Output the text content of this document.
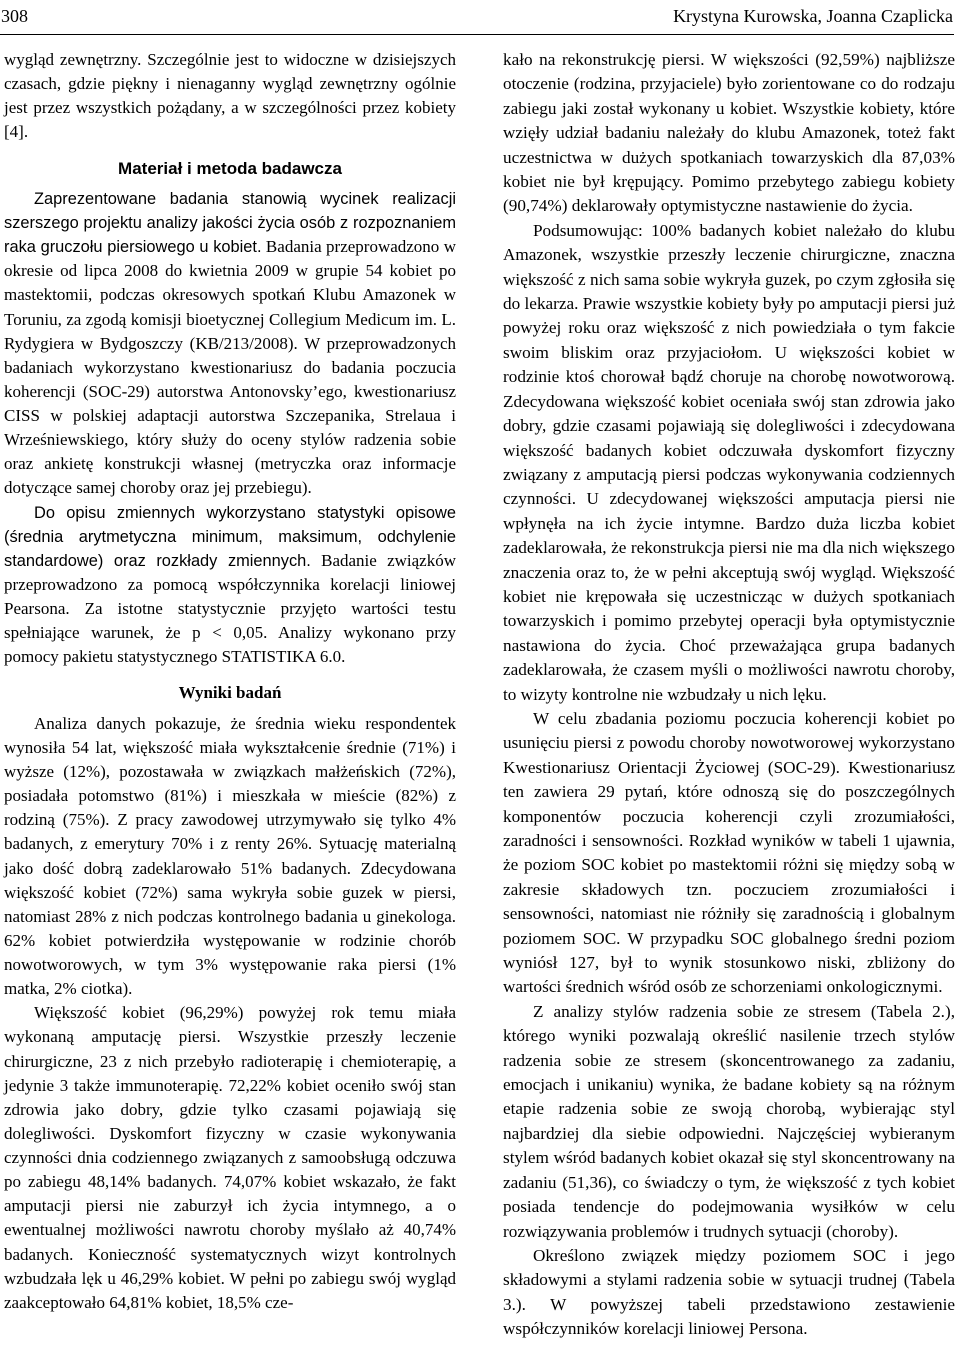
308	Krystyna Kurowska, Joanna Czaplicka

wygląd zewnętrzny. Szczególnie jest to widoczne w dzisiejszych czasach, gdzie piękny i nienaganny wygląd zewnętrzny ogólnie jest przez wszystkich pożądany, a w szczególności przez kobiety [4].

Materiał i metoda badawcza

Zaprezentowane badania stanowią wycinek realizacji szerszego projektu analizy jakości życia osób z rozpoznaniem raka gruczołu piersiowego u kobiet. Badania przeprowadzono w okresie od lipca 2008 do kwietnia 2009 w grupie 54 kobiet po mastektomii, podczas okresowych spotkań Klubu Amazonek w Toruniu, za zgodą komisji bioetycznej Collegium Medicum im. L. Rydygiera w Bydgoszczy (KB/213/2008). W przeprowadzonych badaniach wykorzystano kwestionariusz do badania poczucia koherencji (SOC-29) autorstwa Antonovsky’ego, kwestionariusz CISS w polskiej adaptacji autorstwa Szczepanika, Strelaua i Wrześniewskiego, który służy do oceny stylów radzenia sobie oraz ankietę konstrukcji własnej (metryczka oraz informacje dotyczące samej choroby oraz jej przebiegu).

Do opisu zmiennych wykorzystano statystyki opisowe (średnia arytmetyczna minimum, maksimum, odchylenie standardowe) oraz rozkłady zmiennych. Badanie związków przeprowadzono za pomocą współczynnika korelacji liniowej Pearsona. Za istotne statystycznie przyjęto wartości testu spełniające warunek, że p < 0,05. Analizy wykonano przy pomocy pakietu statystycznego STATISTIKA 6.0.

Wyniki badań

Analiza danych pokazuje, że średnia wieku respondentek wynosiła 54 lat, większość miała wykształcenie średnie (71%) i wyższe (12%), pozostawała w związkach małżeńskich (72%), posiadała potomstwo (81%) i mieszkała w mieście (82%) z rodziną (75%). Z pracy zawodowej utrzymywało się tylko 4% badanych, z emerytury 70% i z renty 26%. Sytuację materialną jako dość dobrą zadeklarowało 51% badanych. Zdecydowana większość kobiet (72%) sama wykryła sobie guzek w piersi, natomiast 28% z nich podczas kontrolnego badania u ginekologa. 62% kobiet potwierdziła występowanie w rodzinie chorób nowotworowych, w tym 3% występowanie raka piersi (1% matka, 2% ciotka).

Większość kobiet (96,29%) powyżej rok temu miała wykonaną amputację piersi. Wszystkie przeszły leczenie chirurgiczne, 23 z nich przebyło radioterapię i chemioterapię, a jedynie 3 także immunoterapię. 72,22% kobiet oceniło swój stan zdrowia jako dobry, gdzie tylko czasami pojawiają się dolegliwości. Dyskomfort fizyczny w czasie wykonywania czynności dnia codziennego związanych z samoobsługą odczuwa po zabiegu 48,14% badanych. 74,07% kobiet wskazało, że fakt amputacji piersi nie zaburzył ich życia intymnego, a o ewentualnej możliwości nawrotu choroby myślało aż 40,74% badanych. Konieczność systematycznych wizyt kontrolnych wzbudzała lęk u 46,29% kobiet. W pełni po zabiegu swój wygląd zaakceptowało 64,81% kobiet, 18,5% cze-

kało na rekonstrukcję piersi. W większości (92,59%) najbliższe otoczenie (rodzina, przyjaciele) było zorientowane co do rodzaju zabiegu jaki został wykonany u kobiet. Wszystkie kobiety, które wzięły udział badaniu należały do klubu Amazonek, toteż fakt uczestnictwa w dużych spotkaniach towarzyskich dla 87,03% kobiet nie był krępujący. Pomimo przebytego zabiegu kobiety (90,74%) deklarowały optymistyczne nastawienie do życia.

Podsumowując: 100% badanych kobiet należało do klubu Amazonek, wszystkie przeszły leczenie chirurgiczne, znaczna większość z nich sama sobie wykryła guzek, po czym zgłosiła się do lekarza. Prawie wszystkie kobiety były po amputacji piersi już powyżej roku oraz większość z nich powiedziała o tym fakcie swoim bliskim oraz przyjaciołom. U większości kobiet w rodzinie ktoś chorował bądź choruje na chorobę nowotworową. Zdecydowana większość kobiet oceniała swój stan zdrowia jako dobry, gdzie czasami pojawiają się dolegliwości i zdecydowana większość badanych kobiet odczuwała dyskomfort fizyczny związany z amputacją piersi podczas wykonywania codziennych czynności. U zdecydowanej większości amputacja piersi nie wpłynęła na ich życie intymne. Bardzo duża liczba kobiet zadeklarowała, że rekonstrukcja piersi nie ma dla nich większego znaczenia oraz to, że w pełni akceptują swój wygląd. Większość kobiet nie krępowała się uczestnicząc w dużych spotkaniach towarzyskich i pomimo przebytej operacji była optymistycznie nastawiona do życia. Choć przeważająca grupa badanych zadeklarowała, że czasem myśli o możliwości nawrotu choroby, to wizyty kontrolne nie wzbudzały u nich lęku.

W celu zbadania poziomu poczucia koherencji kobiet po usunięciu piersi z powodu choroby nowotworowej wykorzystano Kwestionariusz Orientacji Życiowej (SOC-29). Kwestionariusz ten zawiera 29 pytań, które odnoszą się do poszczególnych komponentów poczucia koherencji czyli zrozumiałości, zaradności i sensowności. Rozkład wyników w tabeli 1 ujawnia, że poziom SOC kobiet po mastektomii różni się między sobą w zakresie składowych tzn. poczuciem zrozumiałości i sensowności, natomiast nie różniły się zaradnością i globalnym poziomem SOC. W przypadku SOC globalnego średni poziom wyniósł 127, był to wynik stosunkowo niski, zbliżony do wartości średnich wśród osób ze schorzeniami onkologicznymi.

Z analizy stylów radzenia sobie ze stresem (Tabela 2.), którego wyniki pozwalają określić nasilenie trzech stylów radzenia sobie ze stresem (skoncentrowanego za zadaniu, emocjach i unikaniu) wynika, że badane kobiety są na różnym etapie radzenia sobie ze swoją chorobą, wybierając styl najbardziej dla siebie odpowiedni. Najczęściej wybieranym stylem wśród badanych kobiet okazał się styl skoncentrowany na zadaniu (51,36), co świadczy o tym, że większość z tych kobiet posiada tendencje do podejmowania wysiłków w celu rozwiązywania problemów i trudnych sytuacji (choroby).

Określono związek między poziomem SOC i jego składowymi a stylami radzenia sobie w sytuacji trudnej (Tabela 3.). W powyższej tabeli przedstawiono zestawienie współczynników korelacji liniowej Persona.
